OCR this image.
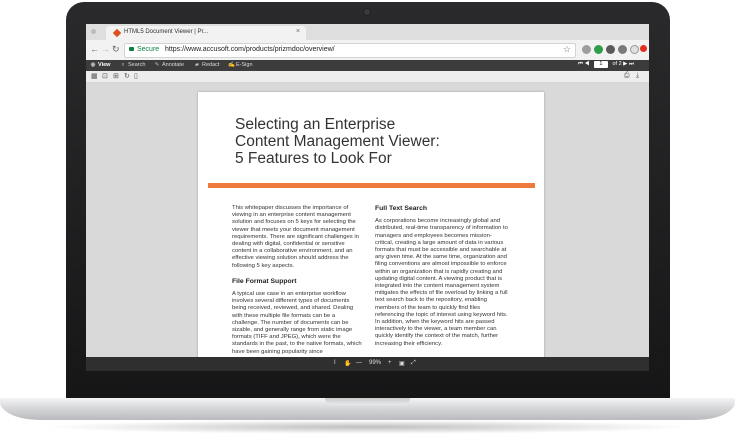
HTML5 Document Viewer | Pr...	×
← → ↻ Secure https://www.accusoft.com/products/prizmdoc/overview/	☆
◉ View ⌕ Search ✎ Annotate ▰ Redact ✍E-Sign	⏮ ◀ 1 of 2 ▶ ⏭
▦ ⊡ ⊞ ↻ ▯	⎙ ⤓
Selecting an Enterprise
Content Management Viewer:
5 Features to Look For
This whitepaper discusses the importance of viewing in an enterprise content management solution and focuses on 5 keys for selecting the viewer that meets your document management requirements. There are significant challenges in dealing with digital, confidential or sensitive content in a collaborative environment, and an effective viewing solution should address the following 5 key aspects.
File Format Support
A typical use case in an enterprise workflow involves several different types of documents being received, reviewed, and shared. Dealing with these multiple file formats can be a challenge. The number of documents can be sizable, and generally range from static image formats (TIFF and JPEG), which were the standards in the past, to the native formats, which have been gaining popularity since
Full Text Search
As corporations become increasingly global and distributed, real-time transparency of information to managers and employees becomes mission-critical, creating a large amount of data in various formats that must be accessible and searchable at any given time. At the same time, organization and filing conventions are almost impossible to enforce within an organization that is rapidly creating and updating digital content. A viewing product that is integrated into the content management system mitigates the effects of file overload by linking a full text search back to the repository, enabling members of the team to quickly find files referencing the topic of interest using keyword hits. In addition, when the keyword hits are passed interactively to the viewer, a team member can quickly identify the context of the match, further increasing their efficiency.
I ✋ — 99% + ▣ ⤢
